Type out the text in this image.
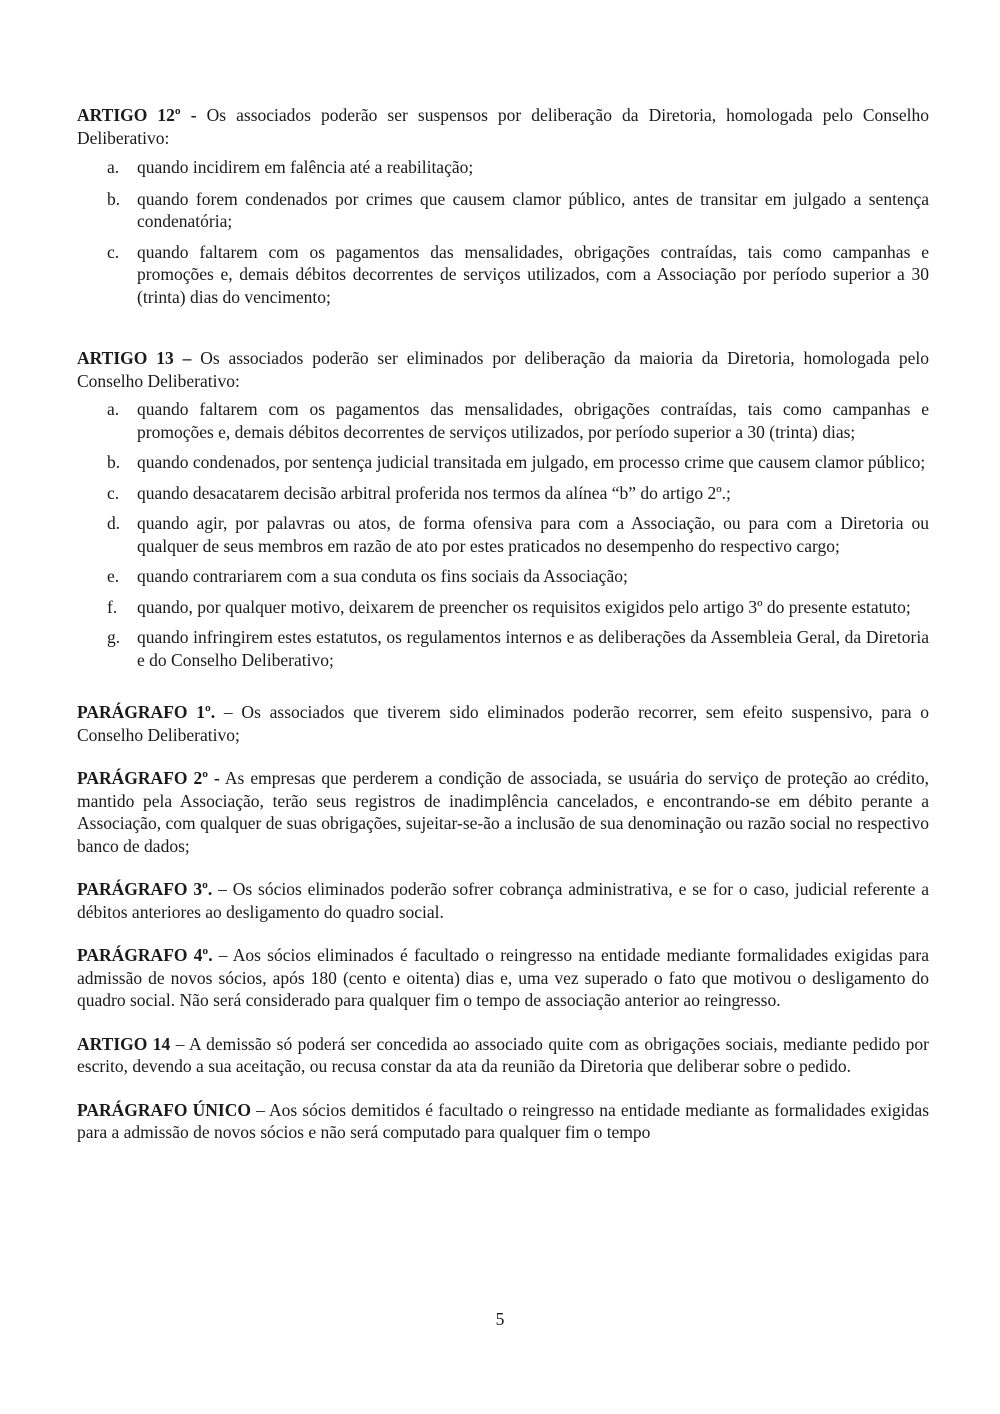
ARTIGO 12º - Os associados poderão ser suspensos por deliberação da Diretoria, homologada pelo Conselho Deliberativo:

a.	quando incidirem em falência até a reabilitação;
b. quando forem condenados por crimes que causem clamor público, antes de transitar em julgado a sentença condenatória;
c.	quando faltarem com os pagamentos das mensalidades, obrigações contraídas, tais como campanhas e promoções e, demais débitos decorrentes de serviços utilizados, com a Associação por período superior a 30 (trinta) dias do vencimento;

ARTIGO 13 – Os associados poderão ser eliminados por deliberação da maioria da Diretoria, homologada pelo Conselho Deliberativo:

a.	quando faltarem com os pagamentos das mensalidades, obrigações contraídas, tais como campanhas e promoções e, demais débitos decorrentes de serviços utilizados, por período superior a 30 (trinta) dias;
b. quando condenados, por sentença judicial transitada em julgado, em processo crime que causem clamor público;
c.	quando desacatarem decisão arbitral proferida nos termos da alínea “b” do artigo 2º.;
d. quando agir, por palavras ou atos, de forma ofensiva para com a Associação, ou para com a Diretoria ou qualquer de seus membros em razão de ato por estes praticados no desempenho do respectivo cargo;
e.	quando contrariarem com a sua conduta os fins sociais da Associação;
f.	quando, por qualquer motivo, deixarem de preencher os requisitos exigidos pelo artigo 3º do presente estatuto;
g. quando infringirem estes estatutos, os regulamentos internos e as deliberações da Assembleia Geral, da Diretoria e do Conselho Deliberativo;

PARÁGRAFO 1º. – Os associados que tiverem sido eliminados poderão recorrer, sem efeito suspensivo, para o Conselho Deliberativo;

PARÁGRAFO 2º - As empresas que perderem a condição de associada, se usuária do serviço de proteção ao crédito, mantido pela Associação, terão seus registros de inadimplência cancelados, e encontrando-se em débito perante a Associação, com qualquer de suas obrigações, sujeitar-se-ão a inclusão de sua denominação ou razão social no respectivo banco de dados;

PARÁGRAFO 3º. – Os sócios eliminados poderão sofrer cobrança administrativa, e se for o caso, judicial referente a débitos anteriores ao desligamento do quadro social.

PARÁGRAFO 4º. – Aos sócios eliminados é facultado o reingresso na entidade mediante formalidades exigidas para admissão de novos sócios, após 180 (cento e oitenta) dias e, uma vez superado o fato que motivou o desligamento do quadro social. Não será considerado para qualquer fim o tempo de associação anterior ao reingresso.

ARTIGO 14 – A demissão só poderá ser concedida ao associado quite com as obrigações sociais, mediante pedido por escrito, devendo a sua aceitação, ou recusa constar da ata da reunião da Diretoria que deliberar sobre o pedido.

PARÁGRAFO ÚNICO – Aos sócios demitidos é facultado o reingresso na entidade mediante as formalidades exigidas para a admissão de novos sócios e não será computado para qualquer fim o tempo

5
